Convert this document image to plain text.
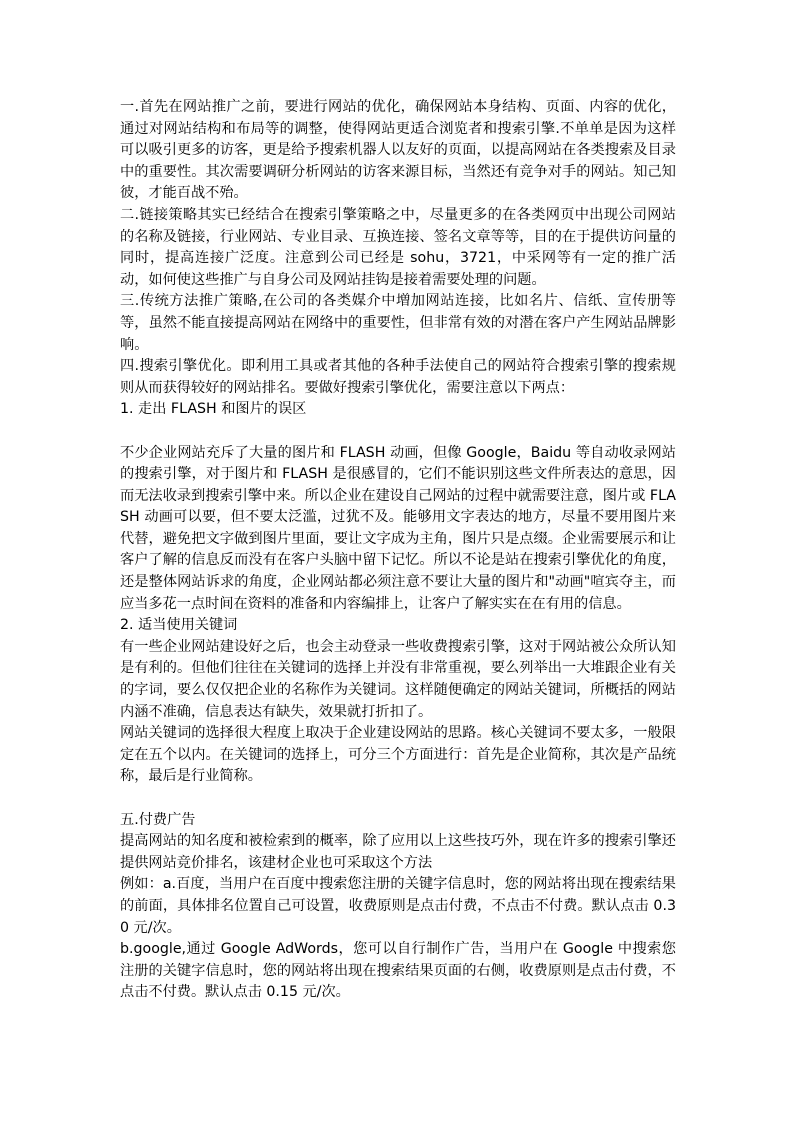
一.首先在网站推广之前，要进行网站的优化，确保网站本身结构、页面、内容的优化，通过对网站结构和布局等的调整，使得网站更适合浏览者和搜索引擎.不单单是因为这样可以吸引更多的访客，更是给予搜索机器人以友好的页面，以提高网站在各类搜索及目录中的重要性。其次需要调研分析网站的访客来源目标，当然还有竞争对手的网站。知己知彼，才能百战不殆。

二.链接策略其实已经结合在搜索引擎策略之中，尽量更多的在各类网页中出现公司网站的名称及链接，行业网站、专业目录、互换连接、签名文章等等，目的在于提供访问量的同时，提高连接广泛度。注意到公司已经是 sohu，3721，中采网等有一定的推广活动，如何使这些推广与自身公司及网站挂钩是接着需要处理的问题。

三.传统方法推广策略,在公司的各类媒介中増加网站连接，比如名片、信纸、宣传册等等，虽然不能直接提高网站在网络中的重要性，但非常有效的对潜在客户产生网站品牌影响。

四.搜索引擎优化。即利用工具或者其他的各种手法使自己的网站符合搜索引擎的搜索规则从而获得较好的网站排名。要做好搜索引擎优化，需要注意以下两点：

1. 走出 FLASH 和图片的误区

不少企业网站充斥了大量的图片和 FLASH 动画，但像 Google，Baidu 等自动收录网站的搜索引擎，对于图片和 FLASH 是很感冒的，它们不能识别这些文件所表达的意思，因而无法收录到搜索引擎中来。所以企业在建设自己网站的过程中就需要注意，图片或 FLASH 动画可以要，但不要太泛滥，过犹不及。能够用文字表达的地方，尽量不要用图片来代替，避免把文字做到图片里面，要让文字成为主角，图片只是点缀。企业需要展示和让客户了解的信息反而没有在客户头脑中留下记忆。所以不论是站在搜索引擎优化的角度，还是整体网站诉求的角度，企业网站都必须注意不要让大量的图片和"动画"喧宾夺主，而应当多花一点时间在资料的准备和内容编排上，让客户了解实实在在有用的信息。

2. 适当使用关键词

有一些企业网站建设好之后，也会主动登录一些收费搜索引擎，这对于网站被公众所认知是有利的。但他们往往在关键词的选择上并没有非常重视，要么列举出一大堆跟企业有关的字词，要么仅仅把企业的名称作为关键词。这样随便确定的网站关键词，所概括的网站内涵不准确，信息表达有缺失，效果就打折扣了。

网站关键词的选择很大程度上取决于企业建设网站的思路。核心关键词不要太多，一般限定在五个以内。在关键词的选择上，可分三个方面进行：首先是企业简称，其次是产品统称，最后是行业简称。

五.付费广告

提高网站的知名度和被检索到的概率，除了应用以上这些技巧外，现在许多的搜索引擎还提供网站竞价排名，该建材企业也可采取这个方法

例如：a.百度，当用户在百度中搜索您注册的关键字信息时，您的网站将出现在搜索结果的前面，具体排名位置自己可设置，收费原则是点击付费，不点击不付费。默认点击 0.30 元/次。

b.google,通过 Google AdWords，您可以自行制作广告，当用户在 Google 中搜索您注册的关键字信息时，您的网站将出现在搜索结果页面的右侧，收费原则是点击付费，不点击不付费。默认点击 0.15 元/次。
